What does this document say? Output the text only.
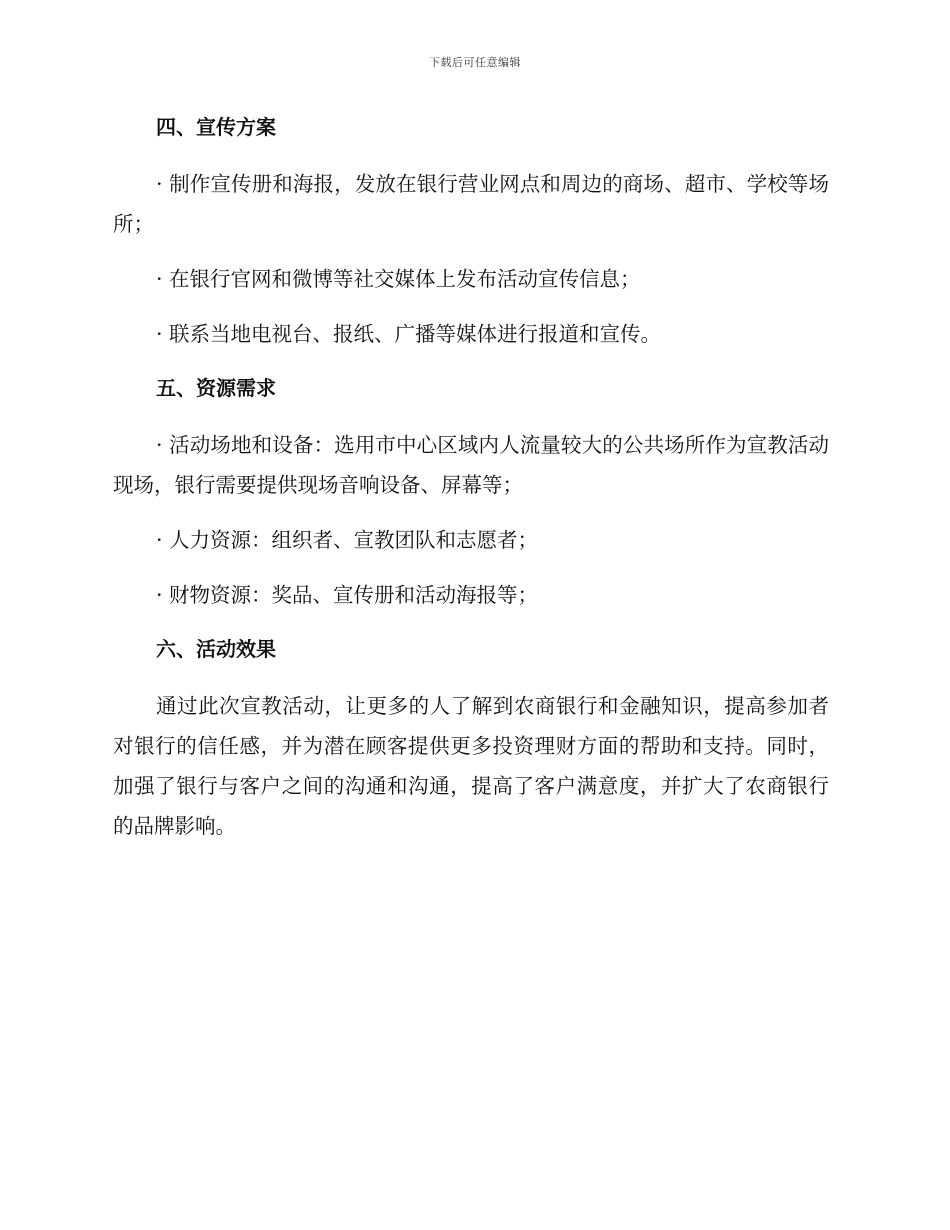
下载后可任意编辑
四、宣传方案

· 制作宣传册和海报，发放在银行营业网点和周边的商场、超市、学校等场所；

· 在银行官网和微博等社交媒体上发布活动宣传信息；

· 联系当地电视台、报纸、广播等媒体进行报道和宣传。

五、资源需求

· 活动场地和设备：选用市中心区域内人流量较大的公共场所作为宣教活动现场，银行需要提供现场音响设备、屏幕等；

· 人力资源：组织者、宣教团队和志愿者；

· 财物资源：奖品、宣传册和活动海报等；

六、活动效果

通过此次宣教活动，让更多的人了解到农商银行和金融知识，提高参加者对银行的信任感，并为潜在顾客提供更多投资理财方面的帮助和支持。同时，加强了银行与客户之间的沟通和沟通，提高了客户满意度，并扩大了农商银行的品牌影响。
